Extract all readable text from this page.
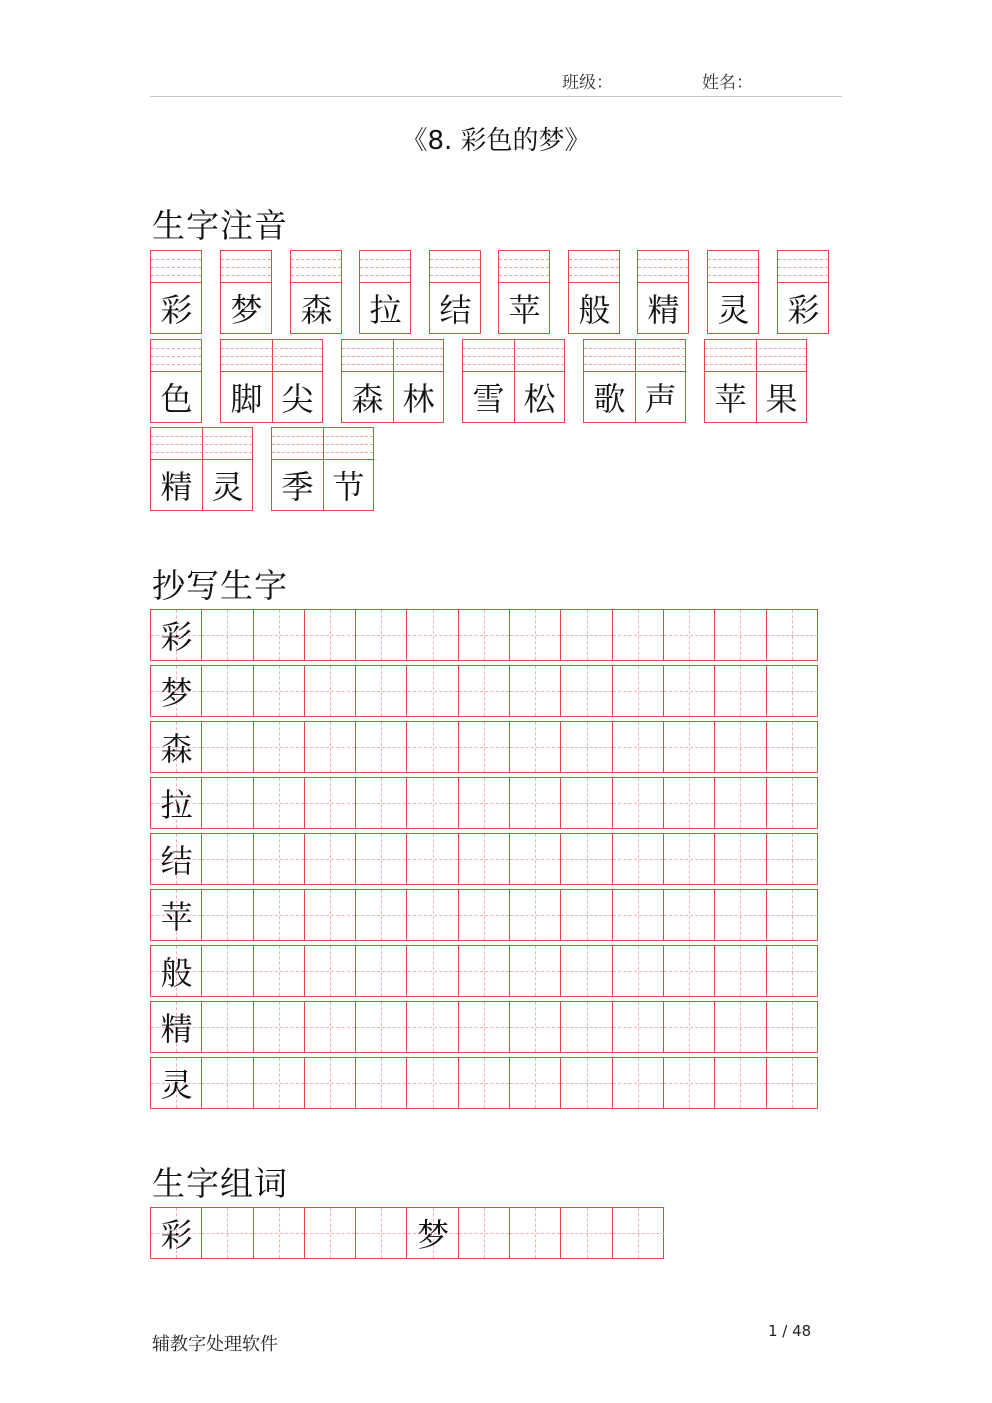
班级：	姓名：
《8. 彩色的梦》
生字注音
彩 梦 森 拉 结 苹 般 精 灵 彩
色 脚 尖 森 林 雪 松 歌 声 苹 果
精 灵 季 节
抄写生字
彩
梦
森
拉
结
苹
般
精
灵
生字组词
彩	梦
辅教字处理软件
1 / 48
